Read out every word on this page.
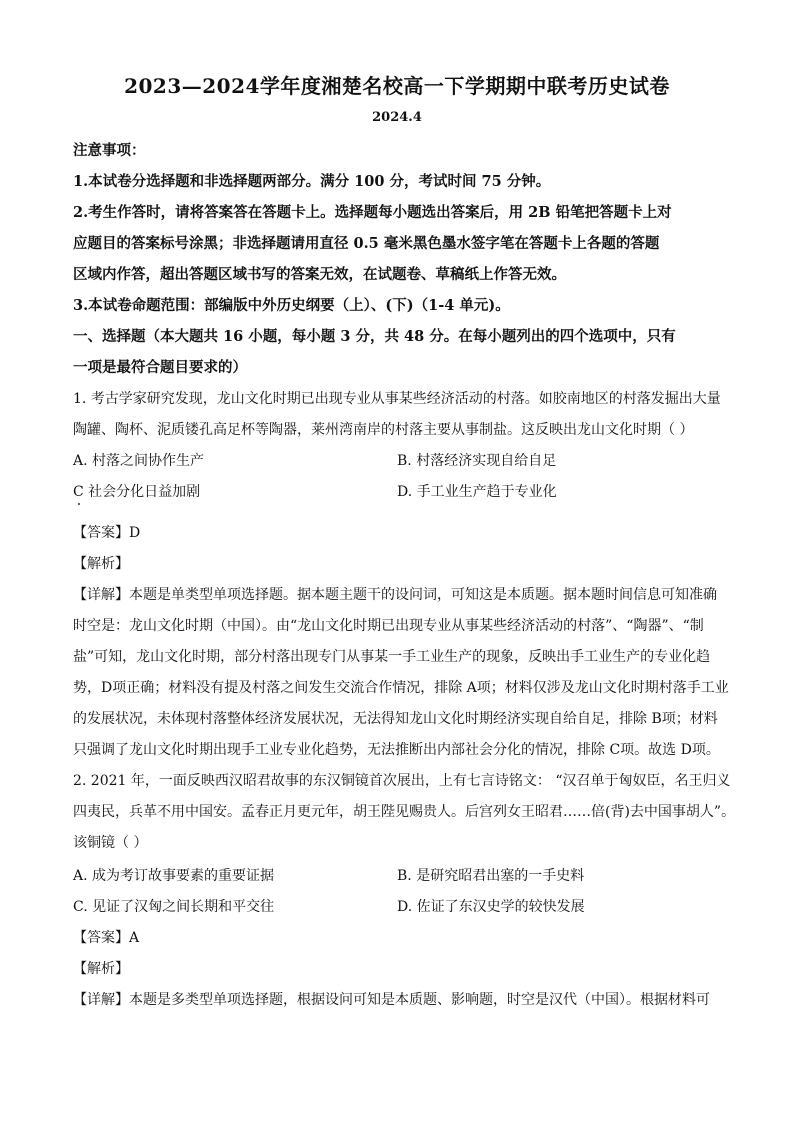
2023—2024学年度湘楚名校高一下学期期中联考历史试卷
2024.4
注意事项：
1.本试卷分选择题和非选择题两部分。满分 100 分，考试时间 75 分钟。
2.考生作答时，请将答案答在答题卡上。选择题每小题选出答案后，用 2B 铅笔把答题卡上对
应题目的答案标号涂黑；非选择题请用直径 0.5 毫米黑色墨水签字笔在答题卡上各题的答题
区域内作答，超出答题区域书写的答案无效，在试题卷、草稿纸上作答无效。
3.本试卷命题范围：部编版中外历史纲要（上）、(下)（1-4 单元)。
一、选择题（本大题共 16 小题，每小题 3 分，共 48 分。在每小题列出的四个选项中，只有
一项是最符合题目要求的）
1. 考古学家研究发现，龙山文化时期已出现专业从事某些经济活动的村落。如胶南地区的村落发掘出大量
陶罐、陶杯、泥质镂孔高足杯等陶器，莱州湾南岸的村落主要从事制盐。这反映出龙山文化时期（ ）
A. 村落之间协作生产	B. 村落经济实现自给自足
C 社会分化日益加剧	D. 手工业生产趋于专业化
【答案】D
【解析】
【详解】本题是单类型单项选择题。据本题主题干的设问词，可知这是本质题。据本题时间信息可知准确
时空是：龙山文化时期（中国）。由“龙山文化时期已出现专业从事某些经济活动的村落”、“陶器”、“制
盐”可知，龙山文化时期，部分村落出现专门从事某一手工业生产的现象，反映出手工业生产的专业化趋
势，D项正确；材料没有提及村落之间发生交流合作情况，排除 A项；材料仅涉及龙山文化时期村落手工业
的发展状况，未体现村落整体经济发展状况，无法得知龙山文化时期经济实现自给自足，排除 B项；材料
只强调了龙山文化时期出现手工业专业化趋势，无法推断出内部社会分化的情况，排除 C项。故选 D项。
2. 2021 年，一面反映西汉昭君故事的东汉铜镜首次展出，上有七言诗铭文： “汉召单于匈奴臣，名王归义
四夷民，兵革不用中国安。孟春正月更元年，胡王陛见赐贵人。后宫列女王昭君……倍(背)去中国事胡人”。
该铜镜（ ）
A. 成为考订故事要素的重要证据	B. 是研究昭君出塞的一手史料
C. 见证了汉匈之间长期和平交往	D. 佐证了东汉史学的较快发展
【答案】A
【解析】
【详解】本题是多类型单项选择题，根据设问可知是本质题、影响题，时空是汉代（中国）。根据材料可
